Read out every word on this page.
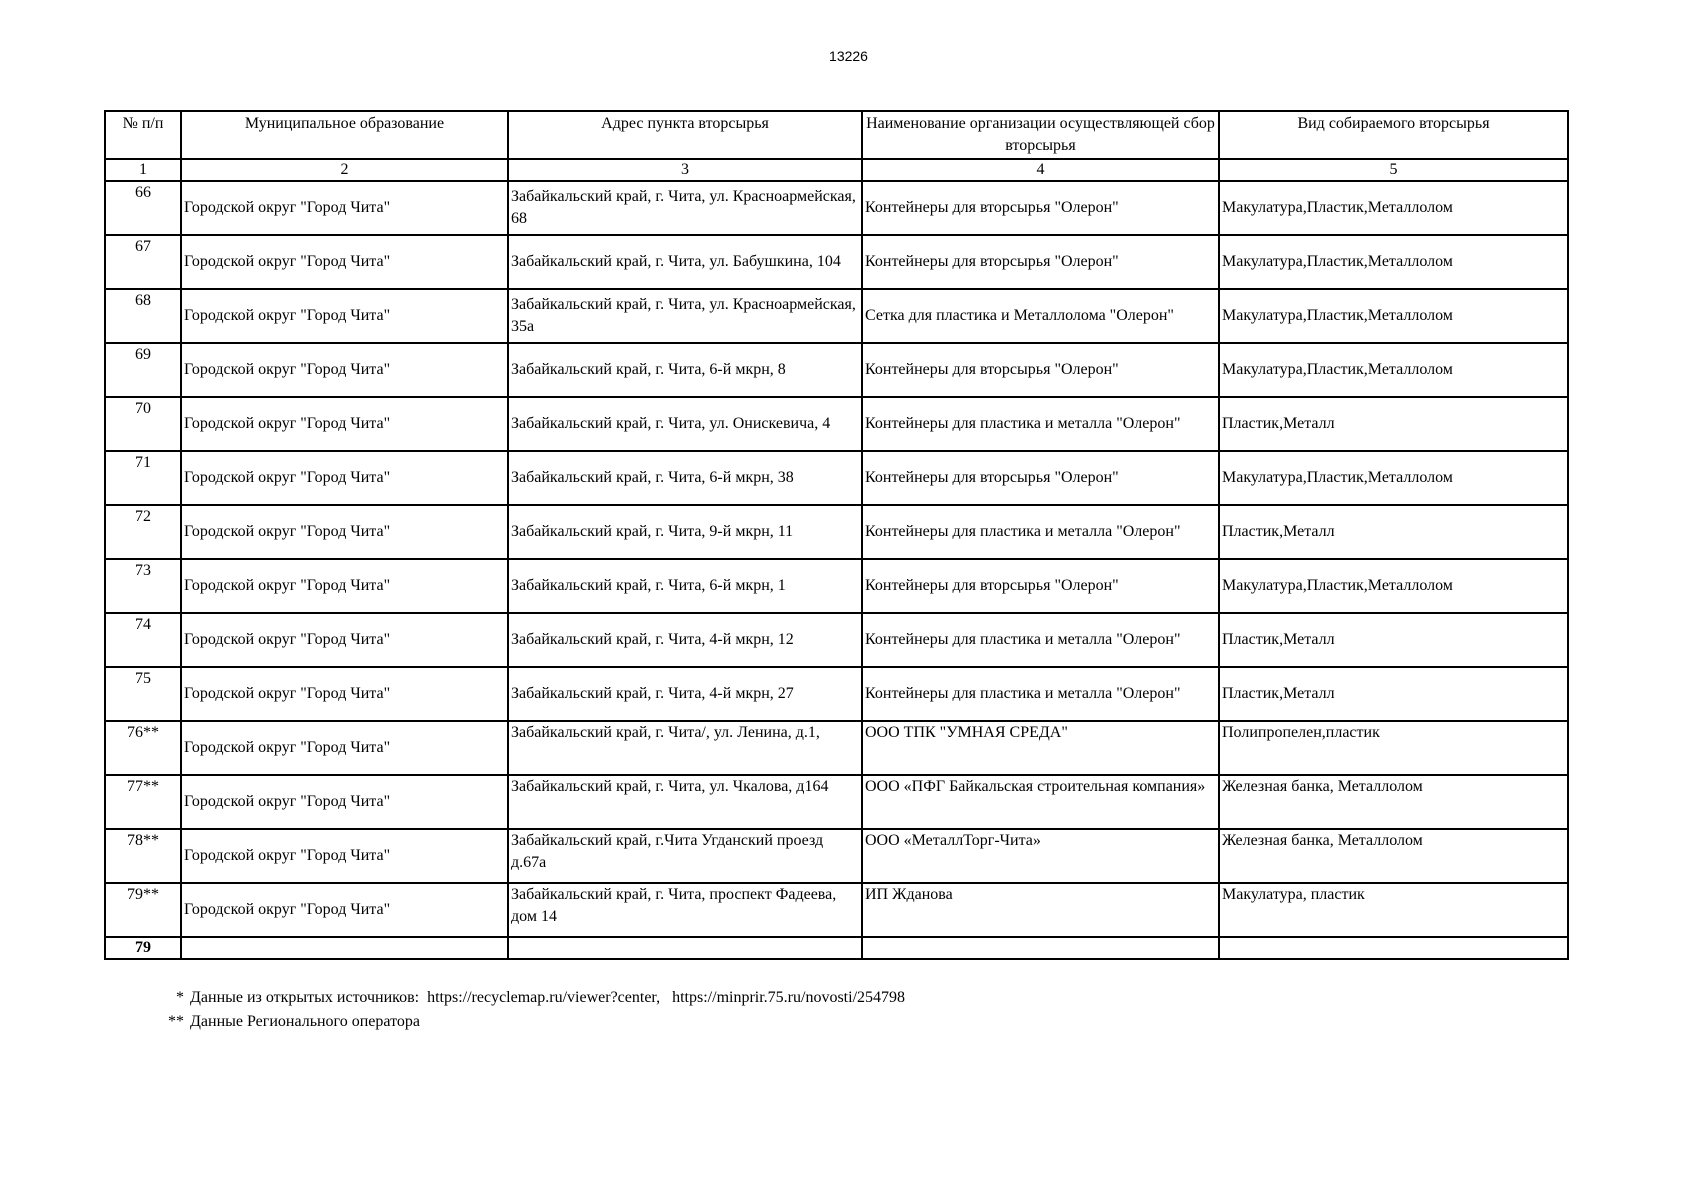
13226
№ п/п	Муниципальное образование	Адрес пункта вторсырья	Наименование организации осуществляющей сбор вторсырья	Вид собираемого вторсырья
1	2	3	4	5
66	Городской округ "Город Чита"	Забайкальский край, г. Чита, ул. Красноармейская, 68	Контейнеры для вторсырья "Олерон"	Макулатура,Пластик,Металлолом
67	Городской округ "Город Чита"	Забайкальский край, г. Чита, ул. Бабушкина, 104	Контейнеры для вторсырья "Олерон"	Макулатура,Пластик,Металлолом
68	Городской округ "Город Чита"	Забайкальский край, г. Чита, ул. Красноармейская, 35а	Сетка для пластика и Металлолома "Олерон"	Макулатура,Пластик,Металлолом
69	Городской округ "Город Чита"	Забайкальский край, г. Чита, 6-й мкрн, 8	Контейнеры для вторсырья "Олерон"	Макулатура,Пластик,Металлолом
70	Городской округ "Город Чита"	Забайкальский край, г. Чита, ул. Онискевича, 4	Контейнеры для пластика и металла "Олерон"	Пластик,Металл
71	Городской округ "Город Чита"	Забайкальский край, г. Чита, 6-й мкрн, 38	Контейнеры для вторсырья "Олерон"	Макулатура,Пластик,Металлолом
72	Городской округ "Город Чита"	Забайкальский край, г. Чита, 9-й мкрн, 11	Контейнеры для пластика и металла "Олерон"	Пластик,Металл
73	Городской округ "Город Чита"	Забайкальский край, г. Чита, 6-й мкрн, 1	Контейнеры для вторсырья "Олерон"	Макулатура,Пластик,Металлолом
74	Городской округ "Город Чита"	Забайкальский край, г. Чита, 4-й мкрн, 12	Контейнеры для пластика и металла "Олерон"	Пластик,Металл
75	Городской округ "Город Чита"	Забайкальский край, г. Чита, 4-й мкрн, 27	Контейнеры для пластика и металла "Олерон"	Пластик,Металл
76**	Городской округ "Город Чита"	Забайкальский край, г. Чита/, ул. Ленина, д.1,	ООО ТПК "УМНАЯ СРЕДА"	Полипропелен,пластик
77**	Городской округ "Город Чита"	Забайкальский край, г. Чита, ул. Чкалова, д164	ООО «ПФГ Байкальская строительная компания»	Железная банка, Металлолом
78**	Городской округ "Город Чита"	Забайкальский край, г.Чита Угданский проезд д.67а	ООО «МеталлТорг-Чита»	Железная банка, Металлолом
79**	Городской округ "Город Чита"	Забайкальский край, г. Чита, проспект Фадеева, дом 14	ИП Жданова	Макулатура, пластик
79				
* Данные из открытых источников:  https://recyclemap.ru/viewer?center,   https://minprir.75.ru/novosti/254798
** Данные Регионального оператора
